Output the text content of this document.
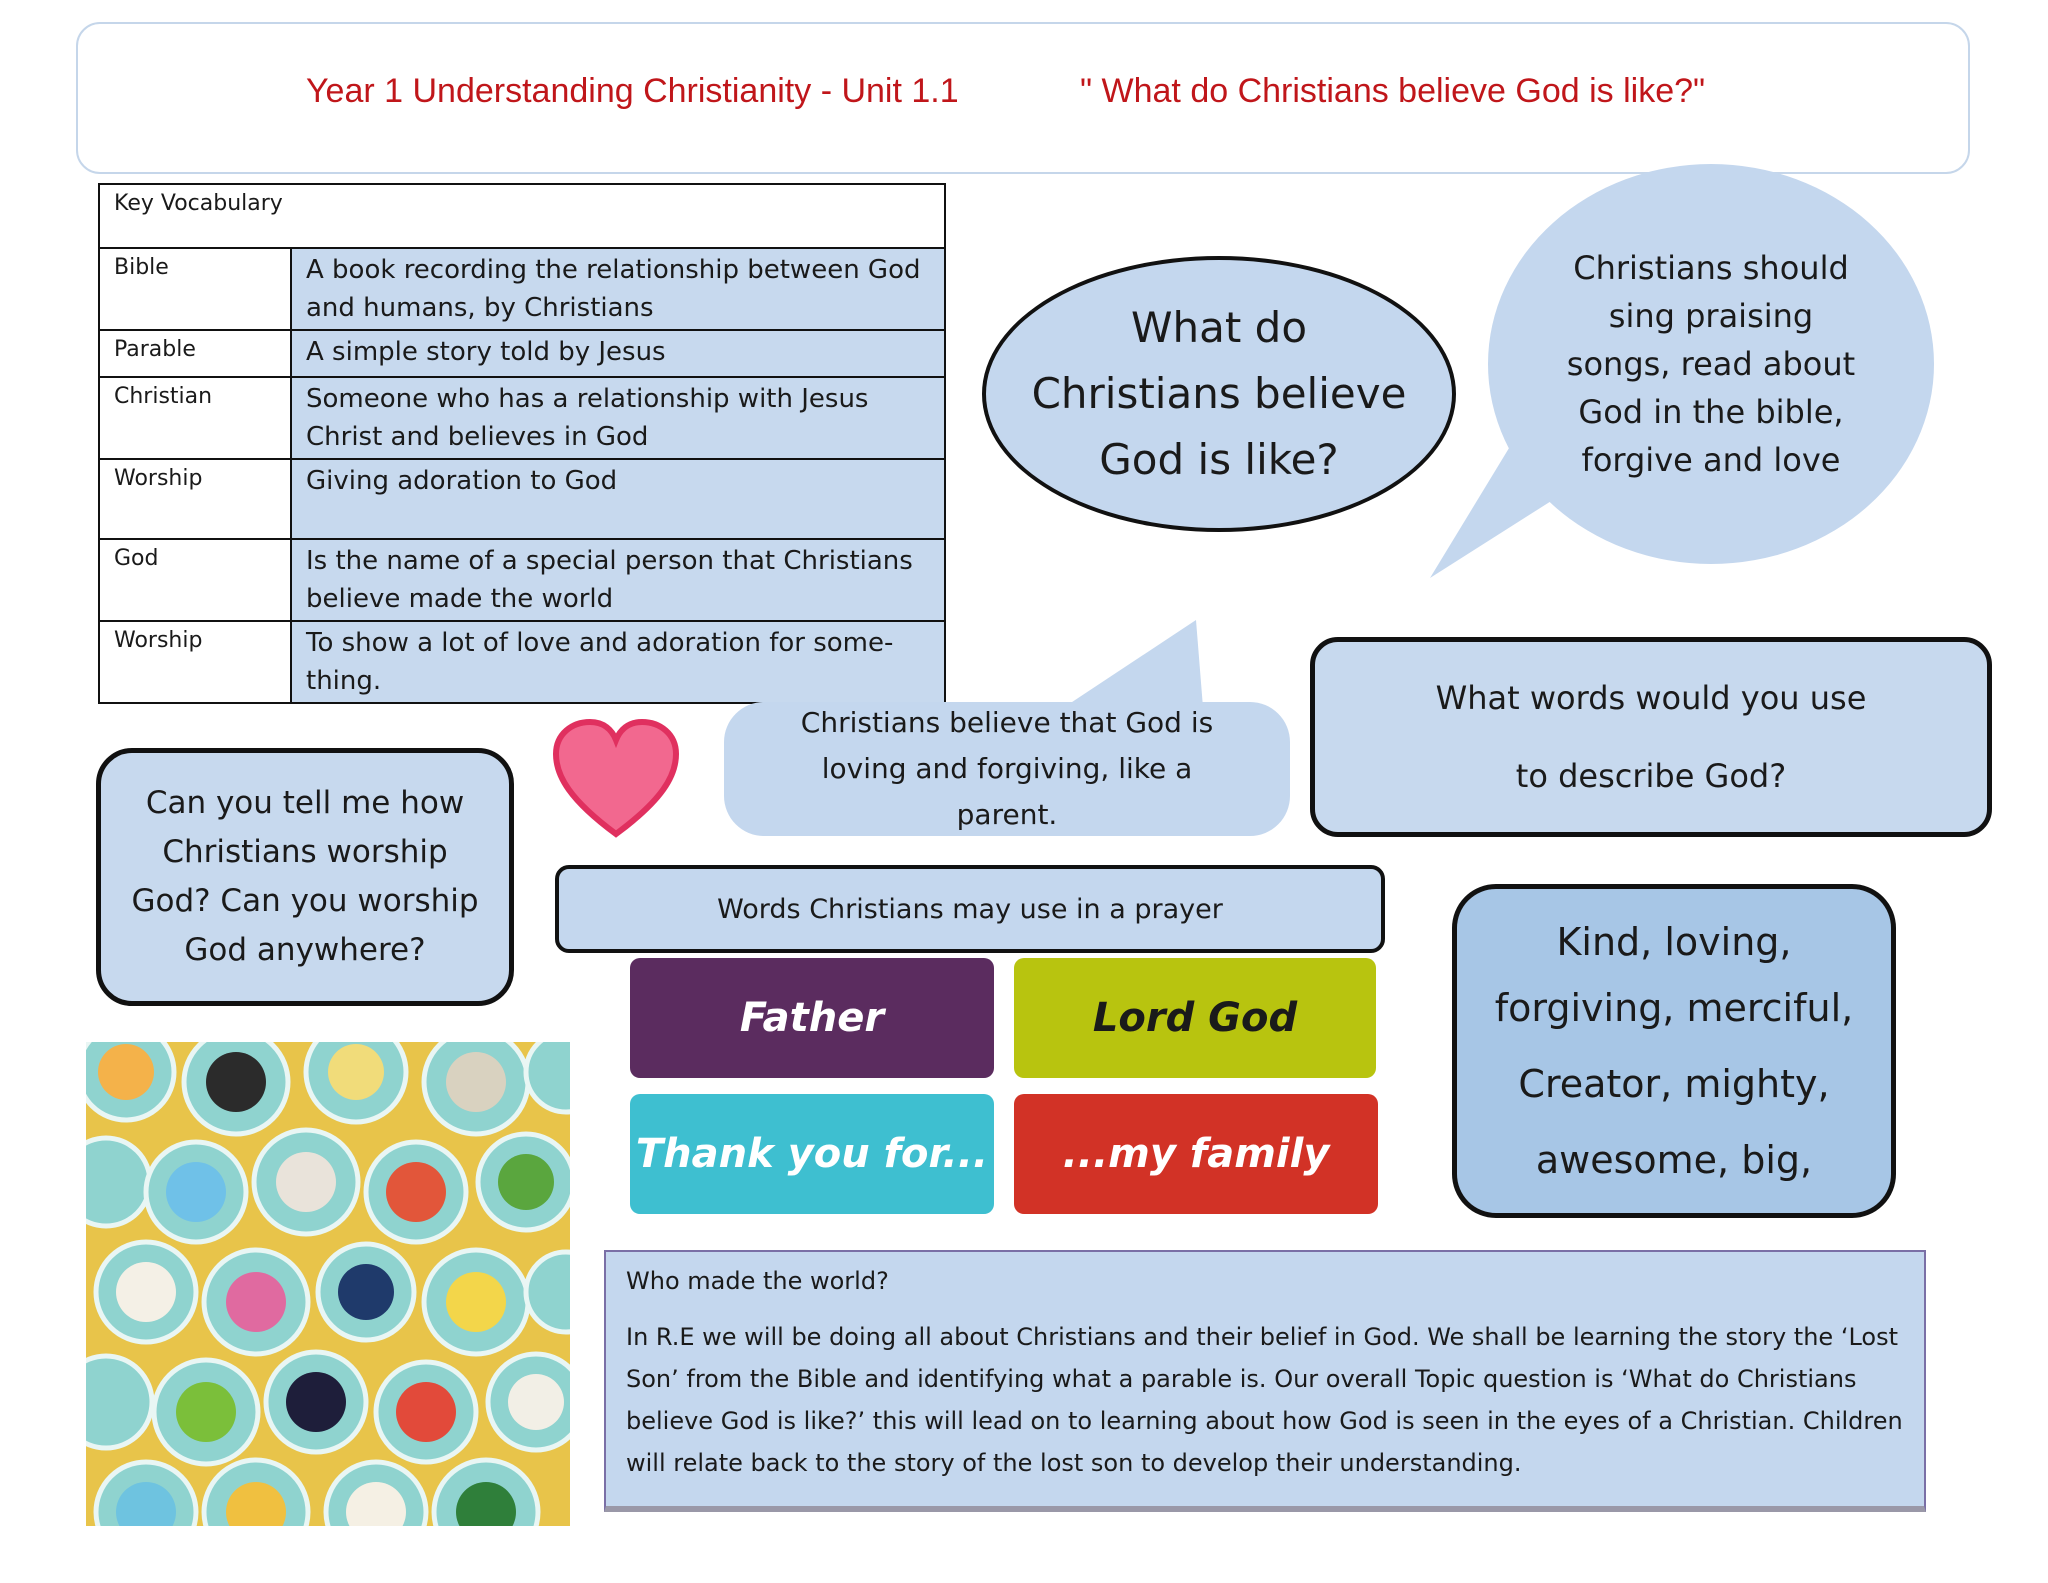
Year 1 Understanding Christianity - Unit 1.1	" What do Christians believe God is like?"
Key Vocabulary	
Bible	A book recording the relationship between God and humans, by Christians
Parable	A simple story told by Jesus
Christian	Someone who has a relationship with Jesus Christ and believes in God
Worship	Giving adoration to God
God	Is the name of a special person that Christians believe made the world
Worship	To show a lot of love and adoration for some-thing.
What do Christians believe God is like?
Christians should sing praising songs, read about God in the bible, forgive and love
Christians believe that God is loving and forgiving, like a parent.
What words would you use to describe God?
Can you tell me how Christians worship God? Can you worship God anywhere?
Words Christians may use in a prayer
Father	Lord God
Thank you for...	...my family
Kind, loving, forgiving, merciful,
Creator, mighty,
awesome, big,
Who made the world?
In R.E we will be doing all about Christians and their belief in God. We shall be learning the story the ‘Lost Son’ from the Bible and identifying what a parable is. Our overall Topic question is ‘What do Christians believe God is like?’ this will lead on to learning about how God is seen in the eyes of a Christian. Children will relate back to the story of the lost son to develop their understanding.
